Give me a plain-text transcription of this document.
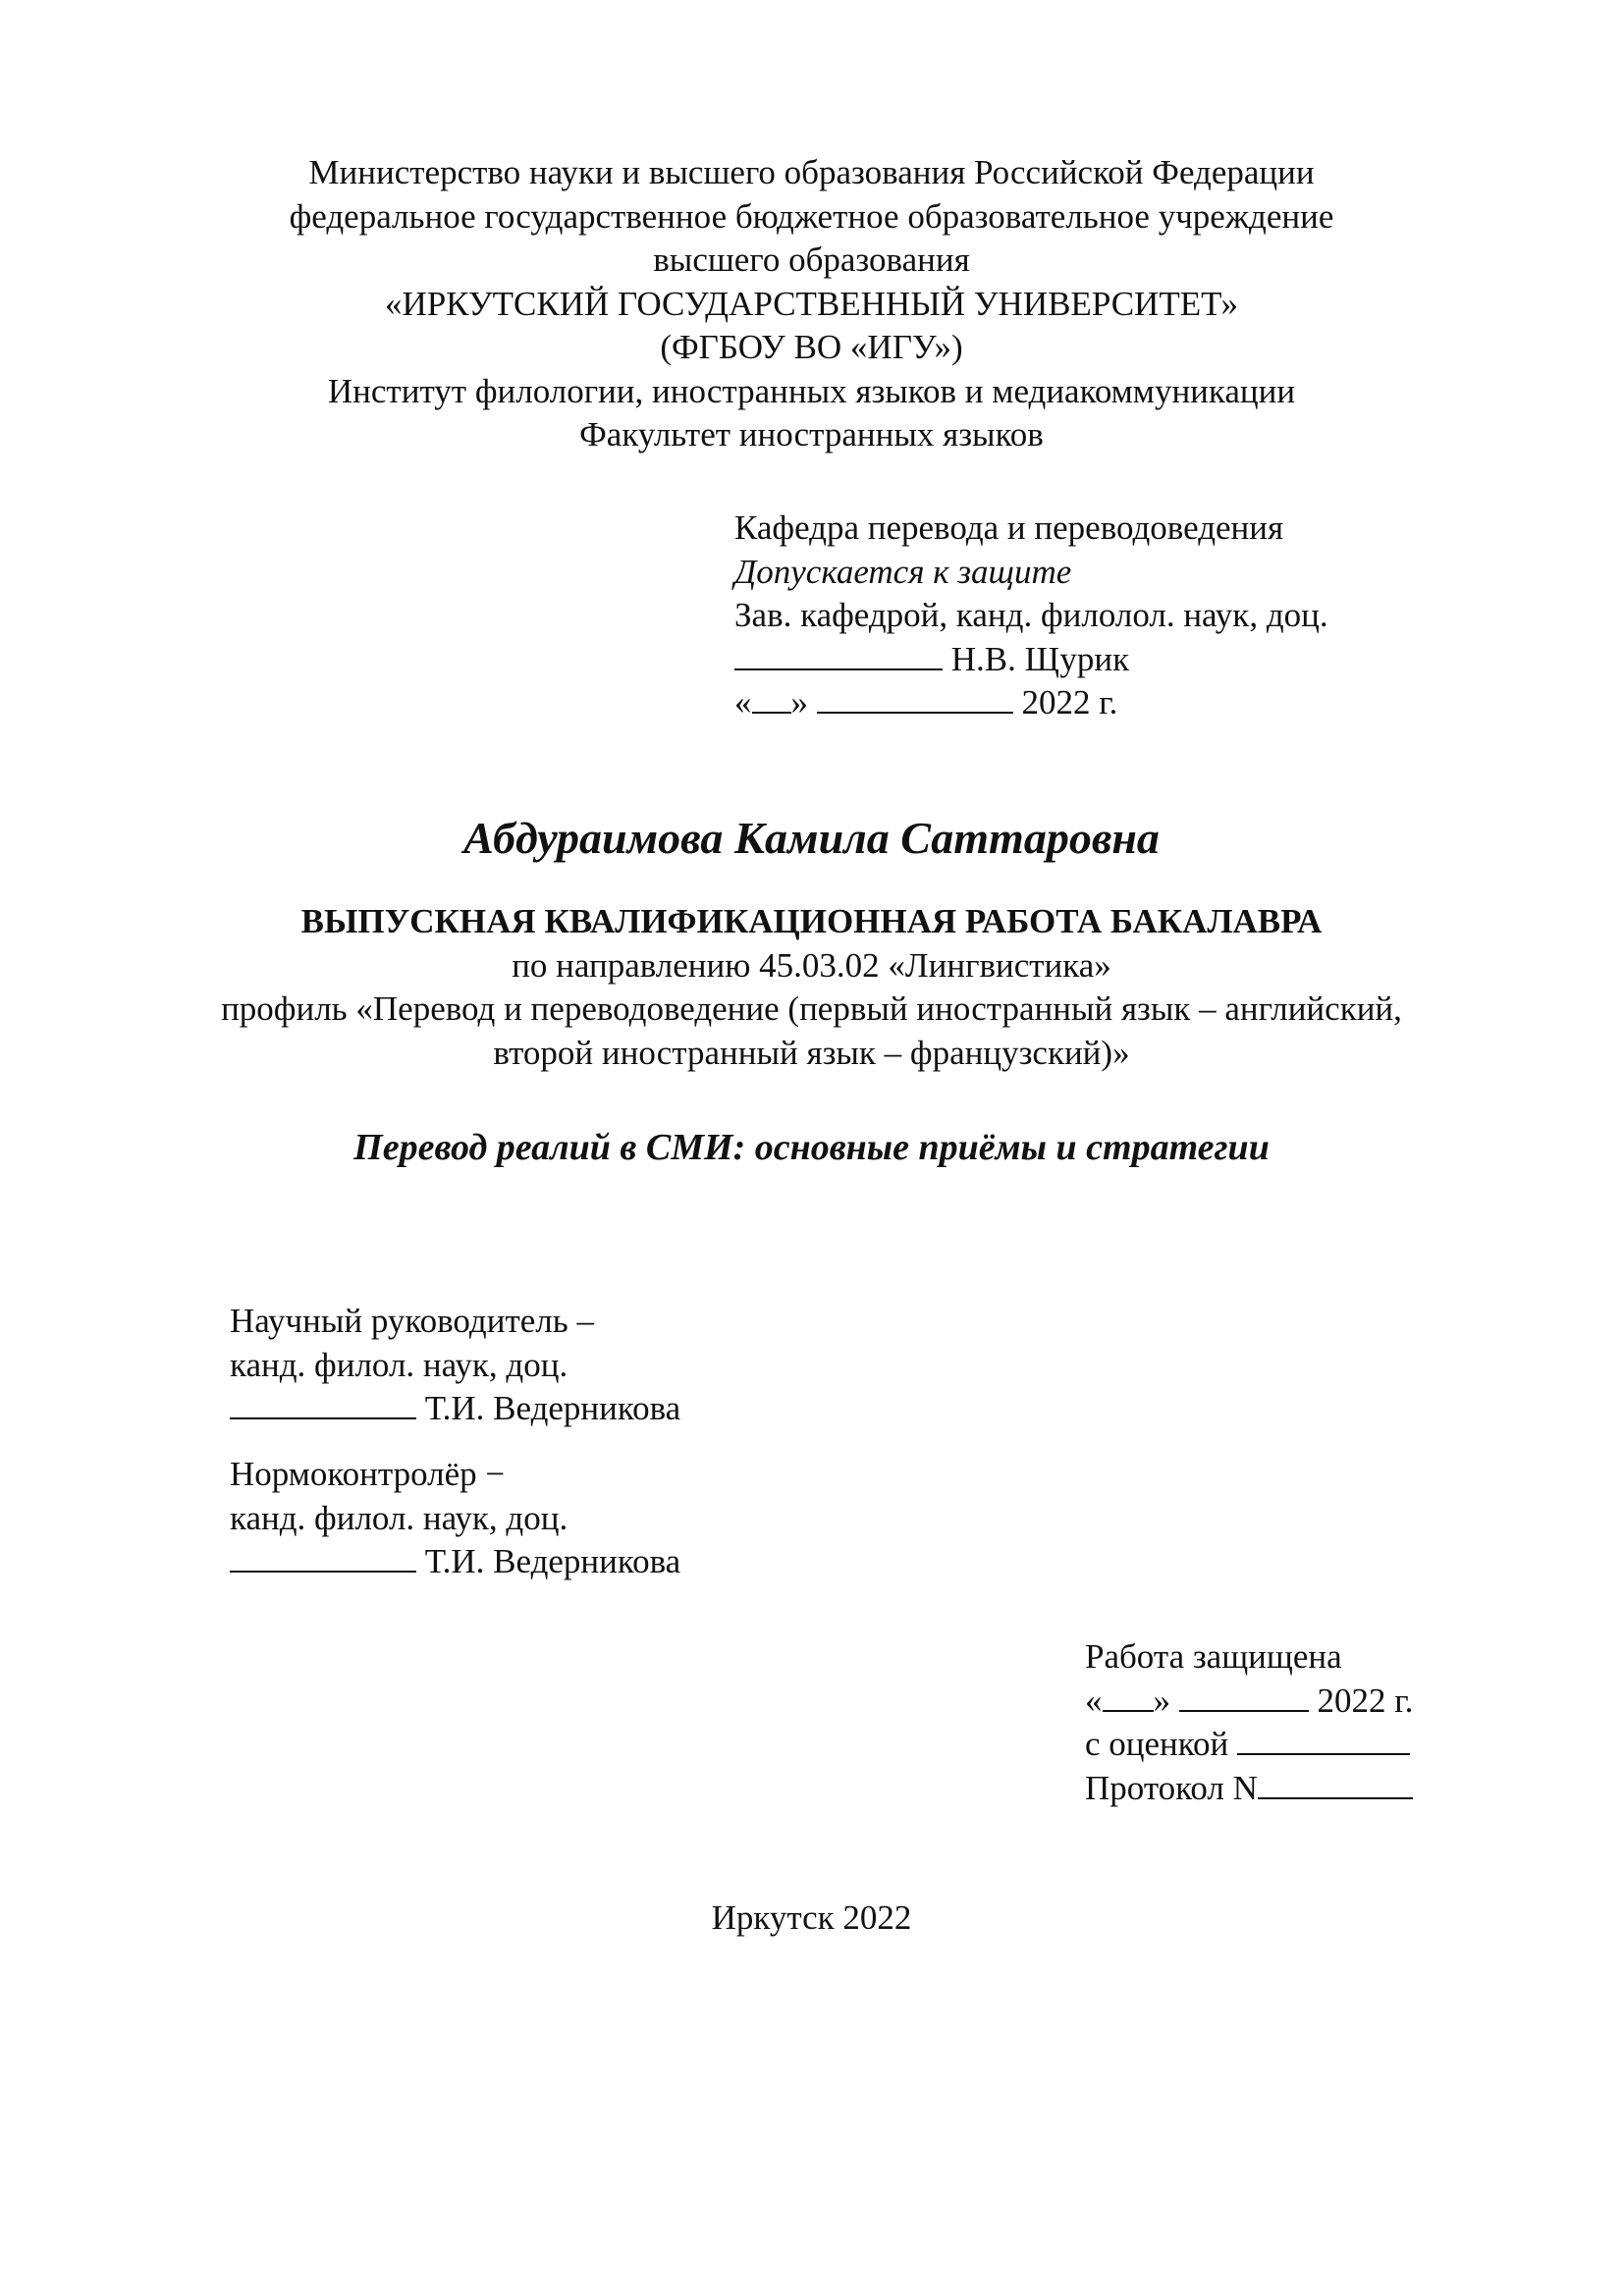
Министерство науки и высшего образования Российской Федерации
федеральное государственное бюджетное образовательное учреждение
высшего образования
«ИРКУТСКИЙ ГОСУДАРСТВЕННЫЙ УНИВЕРСИТЕТ»
(ФГБОУ ВО «ИГУ»)
Институт филологии, иностранных языков и медиакоммуникации
Факультет иностранных языков
Кафедра перевода и переводоведения
Допускается к защите
Зав. кафедрой, канд. филолол. наук, доц.
Н.В. Щурик
« »	2022 г.
Абдураимова Камила Саттаровна
ВЫПУСКНАЯ КВАЛИФИКАЦИОННАЯ РАБОТА БАКАЛАВРА
по направлению 45.03.02 «Лингвистика»
профиль «Перевод и переводоведение (первый иностранный язык – английский,
второй иностранный язык – французский)»
Перевод реалий в СМИ: основные приёмы и стратегии
Научный руководитель –
канд. филол. наук, доц.
Т.И. Ведерникова
Нормоконтролёр −
канд. филол. наук, доц.
Т.И. Ведерникова
Работа защищена
« »	2022 г.
с оценкой
Протокол N
Иркутск 2022
